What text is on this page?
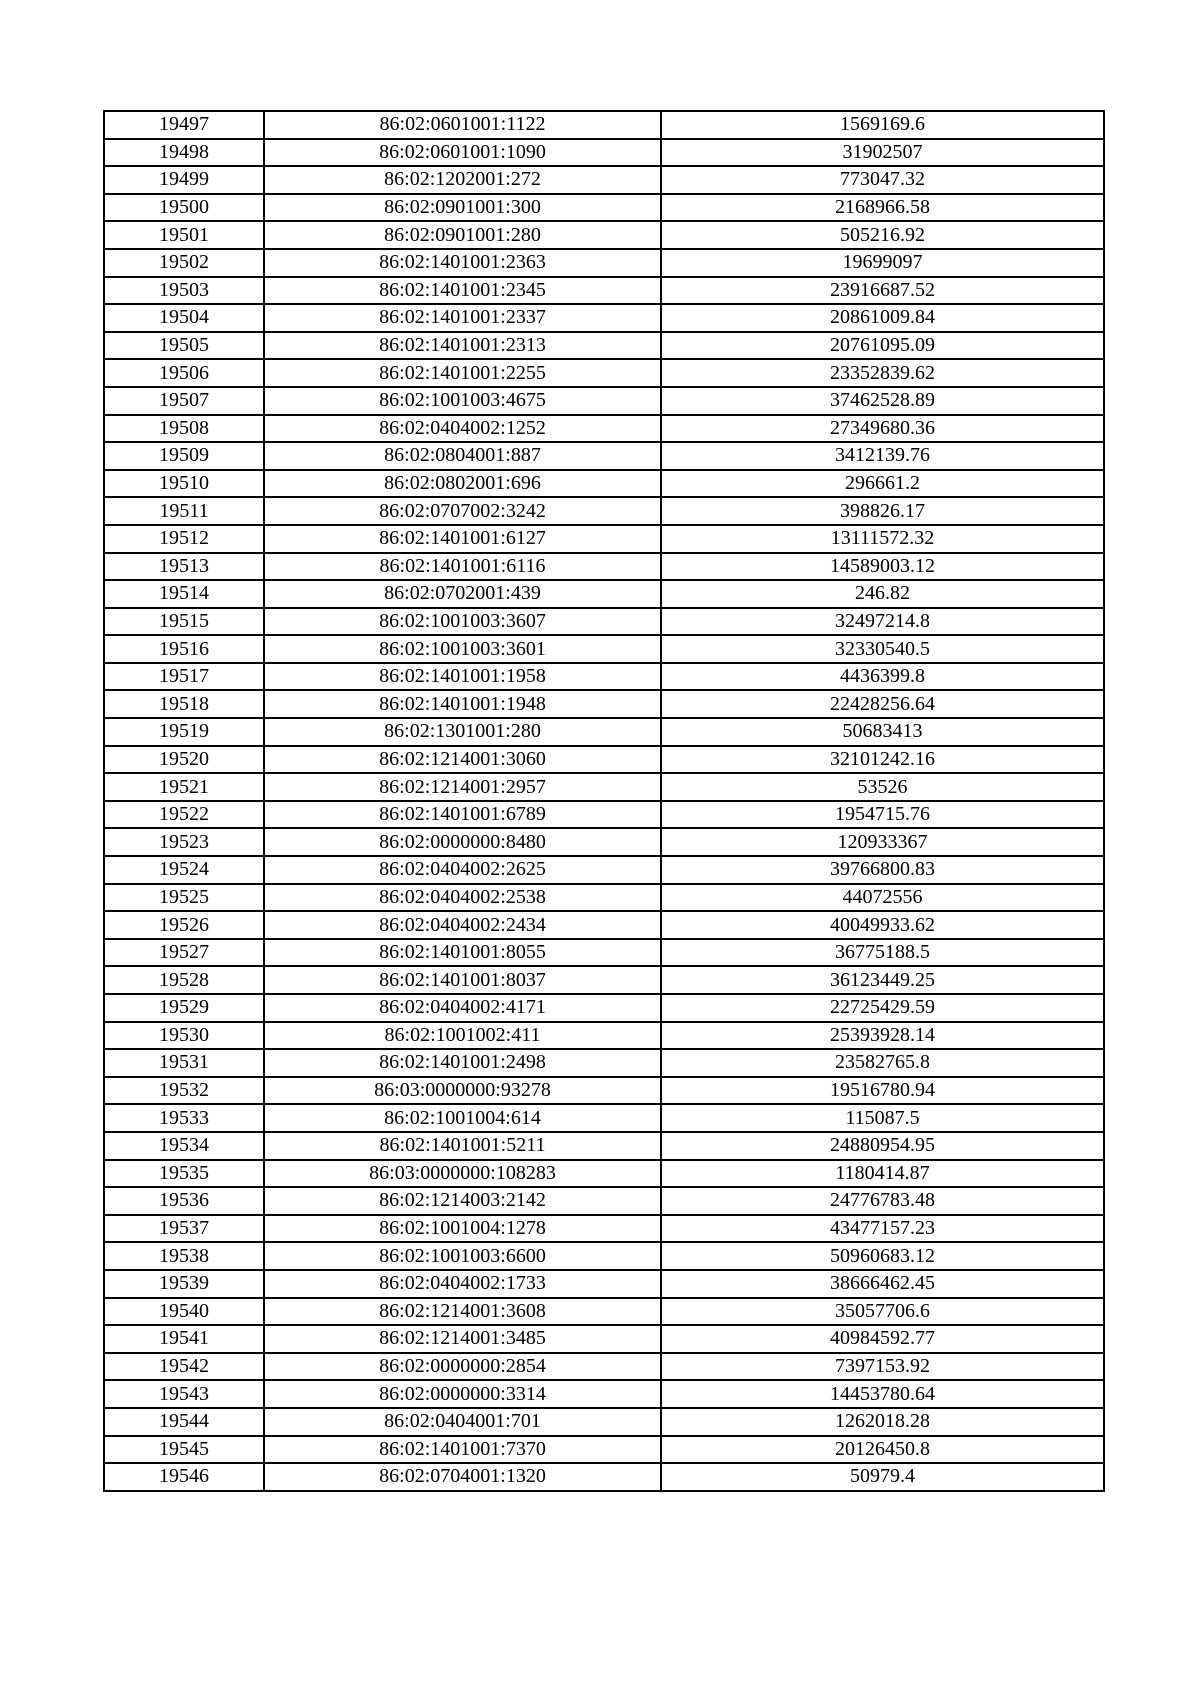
19497	86:02:0601001:1122	1569169.6
19498	86:02:0601001:1090	31902507
19499	86:02:1202001:272	773047.32
19500	86:02:0901001:300	2168966.58
19501	86:02:0901001:280	505216.92
19502	86:02:1401001:2363	19699097
19503	86:02:1401001:2345	23916687.52
19504	86:02:1401001:2337	20861009.84
19505	86:02:1401001:2313	20761095.09
19506	86:02:1401001:2255	23352839.62
19507	86:02:1001003:4675	37462528.89
19508	86:02:0404002:1252	27349680.36
19509	86:02:0804001:887	3412139.76
19510	86:02:0802001:696	296661.2
19511	86:02:0707002:3242	398826.17
19512	86:02:1401001:6127	13111572.32
19513	86:02:1401001:6116	14589003.12
19514	86:02:0702001:439	246.82
19515	86:02:1001003:3607	32497214.8
19516	86:02:1001003:3601	32330540.5
19517	86:02:1401001:1958	4436399.8
19518	86:02:1401001:1948	22428256.64
19519	86:02:1301001:280	50683413
19520	86:02:1214001:3060	32101242.16
19521	86:02:1214001:2957	53526
19522	86:02:1401001:6789	1954715.76
19523	86:02:0000000:8480	120933367
19524	86:02:0404002:2625	39766800.83
19525	86:02:0404002:2538	44072556
19526	86:02:0404002:2434	40049933.62
19527	86:02:1401001:8055	36775188.5
19528	86:02:1401001:8037	36123449.25
19529	86:02:0404002:4171	22725429.59
19530	86:02:1001002:411	25393928.14
19531	86:02:1401001:2498	23582765.8
19532	86:03:0000000:93278	19516780.94
19533	86:02:1001004:614	115087.5
19534	86:02:1401001:5211	24880954.95
19535	86:03:0000000:108283	1180414.87
19536	86:02:1214003:2142	24776783.48
19537	86:02:1001004:1278	43477157.23
19538	86:02:1001003:6600	50960683.12
19539	86:02:0404002:1733	38666462.45
19540	86:02:1214001:3608	35057706.6
19541	86:02:1214001:3485	40984592.77
19542	86:02:0000000:2854	7397153.92
19543	86:02:0000000:3314	14453780.64
19544	86:02:0404001:701	1262018.28
19545	86:02:1401001:7370	20126450.8
19546	86:02:0704001:1320	50979.4
